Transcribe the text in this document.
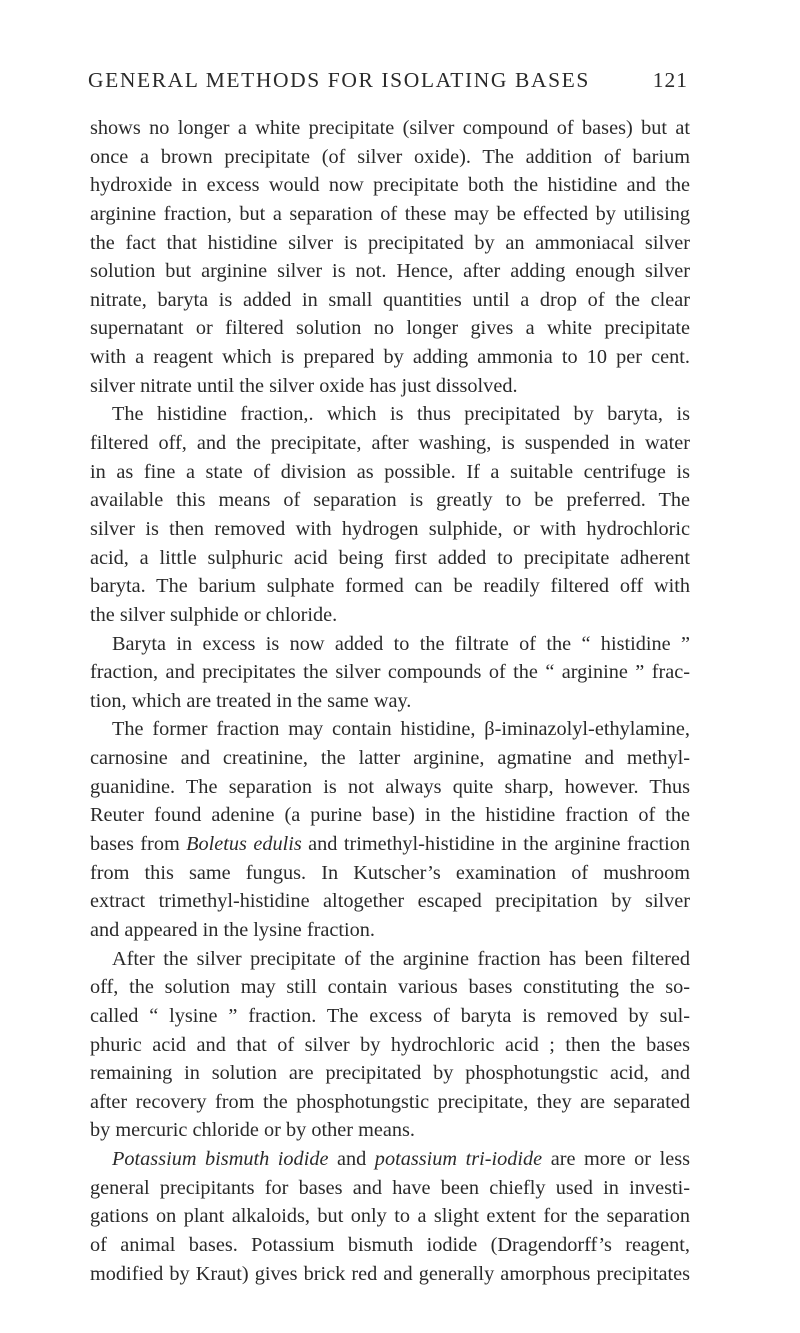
GENERAL METHODS FOR ISOLATING BASES	121
shows no longer a white precipitate (silver compound of bases) but at
once a brown precipitate (of silver oxide). The addition of barium
hydroxide in excess would now precipitate both the histidine and the
arginine fraction, but a separation of these may be effected by utilising
the fact that histidine silver is precipitated by an ammoniacal silver
solution but arginine silver is not. Hence, after adding enough silver
nitrate, baryta is added in small quantities until a drop of the clear
supernatant or filtered solution no longer gives a white precipitate
with a reagent which is prepared by adding ammonia to 10 per cent.
silver nitrate until the silver oxide has just dissolved.
The histidine fraction,. which is thus precipitated by baryta, is
filtered off, and the precipitate, after washing, is suspended in water
in as fine a state of division as possible. If a suitable centrifuge is
available this means of separation is greatly to be preferred. The
silver is then removed with hydrogen sulphide, or with hydrochloric
acid, a little sulphuric acid being first added to precipitate adherent
baryta. The barium sulphate formed can be readily filtered off with
the silver sulphide or chloride.
Baryta in excess is now added to the filtrate of the “ histidine ”
fraction, and precipitates the silver compounds of the “ arginine ” frac-
tion, which are treated in the same way.
The former fraction may contain histidine, β-iminazolyl-ethylamine,
carnosine and creatinine, the latter arginine, agmatine and methyl-
guanidine. The separation is not always quite sharp, however. Thus
Reuter found adenine (a purine base) in the histidine fraction of the
bases from Boletus edulis and trimethyl-histidine in the arginine fraction
from this same fungus. In Kutscher’s examination of mushroom
extract trimethyl-histidine altogether escaped precipitation by silver
and appeared in the lysine fraction.
After the silver precipitate of the arginine fraction has been filtered
off, the solution may still contain various bases constituting the so-
called “ lysine ” fraction. The excess of baryta is removed by sul-
phuric acid and that of silver by hydrochloric acid ; then the bases
remaining in solution are precipitated by phosphotungstic acid, and
after recovery from the phosphotungstic precipitate, they are separated
by mercuric chloride or by other means.
Potassium bismuth iodide and potassium tri-iodide are more or less
general precipitants for bases and have been chiefly used in investi-
gations on plant alkaloids, but only to a slight extent for the separation
of animal bases. Potassium bismuth iodide (Dragendorff’s reagent,
modified by Kraut) gives brick red and generally amorphous precipitates
